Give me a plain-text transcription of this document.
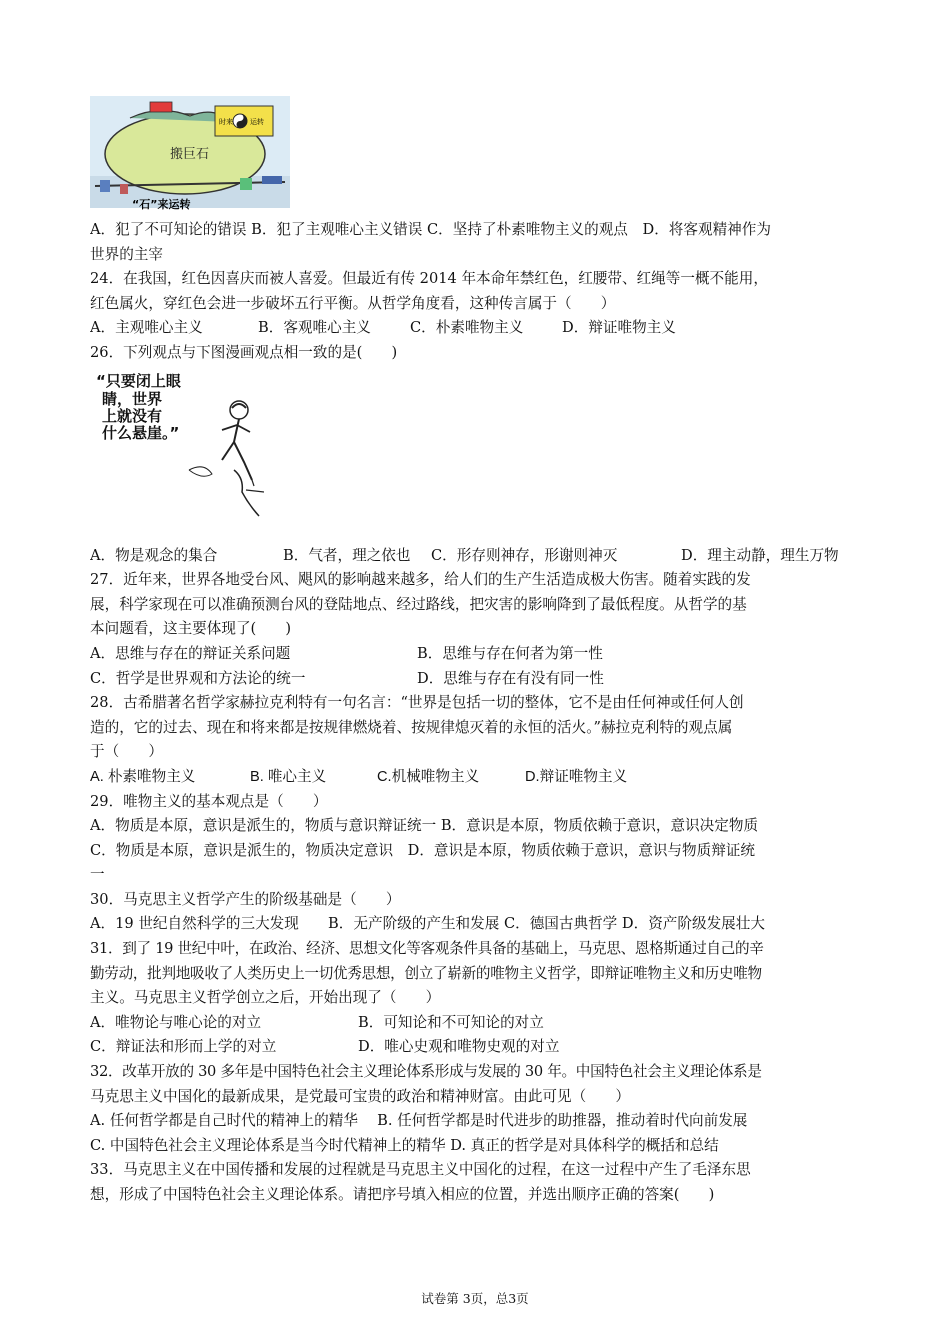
时来 运转
搬巨石
“石”来运转
A．犯了不可知论的错误 B．犯了主观唯心主义错误 C．坚持了朴素唯物主义的观点　D．将客观精神作为
世界的主宰
24．在我国，红色因喜庆而被人喜爱。但最近有传 2014 年本命年禁红色，红腰带、红绳等一概不能用，
红色属火，穿红色会进一步破坏五行平衡。从哲学角度看，这种传言属于（　　）
A．主观唯心主义	B．客观唯心主义	C．朴素唯物主义	D．辩证唯物主义
26．下列观点与下图漫画观点相一致的是(　　)
“只要闭上眼
睛，世界
上就没有
什么悬崖。”
A．物是观念的集合	B．气者，理之依也	C．形存则神存，形谢则神灭	D．理主动静，理生万物
27．近年来，世界各地受台风、飓风的影响越来越多，给人们的生产生活造成极大伤害。随着实践的发
展，科学家现在可以准确预测台风的登陆地点、经过路线，把灾害的影响降到了最低程度。从哲学的基
本问题看，这主要体现了(　　)
A．思维与存在的辩证关系问题	B．思维与存在何者为第一性
C．哲学是世界观和方法论的统一	D．思维与存在有没有同一性
28．古希腊著名哲学家赫拉克利特有一句名言：“世界是包括一切的整体，它不是由任何神或任何人创
造的，它的过去、现在和将来都是按规律燃烧着、按规律熄灭着的永恒的活火。”赫拉克利特的观点属
于（　　）
A. 朴素唯物主义	B. 唯心主义	C.机械唯物主义	D.辩证唯物主义
29．唯物主义的基本观点是（　　）
A．物质是本原，意识是派生的，物质与意识辩证统一 B．意识是本原，物质依赖于意识，意识决定物质
C．物质是本原，意识是派生的，物质决定意识　D．意识是本原，物质依赖于意识，意识与物质辩证统
一
30．马克思主义哲学产生的阶级基础是（　　）
A．19 世纪自然科学的三大发现　　B．无产阶级的产生和发展 C．德国古典哲学 D．资产阶级发展壮大
31．到了 19 世纪中叶，在政治、经济、思想文化等客观条件具备的基础上，马克思、恩格斯通过自己的辛
勤劳动，批判地吸收了人类历史上一切优秀思想，创立了崭新的唯物主义哲学，即辩证唯物主义和历史唯物
主义。马克思主义哲学创立之后，开始出现了（　　）
A．唯物论与唯心论的对立	B．可知论和不可知论的对立
C．辩证法和形而上学的对立	D．唯心史观和唯物史观的对立
32．改革开放的 30 多年是中国特色社会主义理论体系形成与发展的 30 年。中国特色社会主义理论体系是
马克思主义中国化的最新成果，是党最可宝贵的政治和精神财富。由此可见（　　）
A. 任何哲学都是自己时代的精神上的精华　 B. 任何哲学都是时代进步的助推器，推动着时代向前发展
C. 中国特色社会主义理论体系是当今时代精神上的精华 D. 真正的哲学是对具体科学的概括和总结
33．马克思主义在中国传播和发展的过程就是马克思主义中国化的过程，在这一过程中产生了毛泽东思
想，形成了中国特色社会主义理论体系。请把序号填入相应的位置，并选出顺序正确的答案(　　)
试卷第 3页，总3页
